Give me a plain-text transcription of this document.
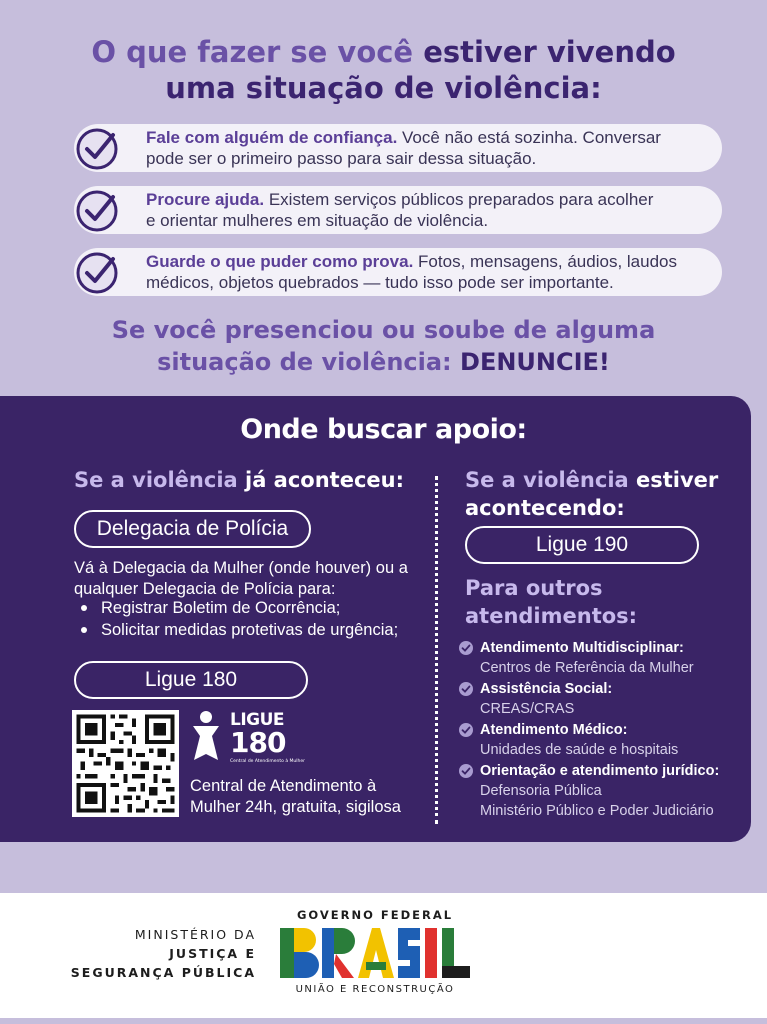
O que fazer se você estiver vivendo
uma situação de violência:
Fale com alguém de confiança. Você não está sozinha. Conversar
pode ser o primeiro passo para sair dessa situação.
Procure ajuda. Existem serviços públicos preparados para acolher
e orientar mulheres em situação de violência.
Guarde o que puder como prova. Fotos, mensagens, áudios, laudos
médicos, objetos quebrados — tudo isso pode ser importante.
Se você presenciou ou soube de alguma
situação de violência: DENUNCIE!
Onde buscar apoio:
Se a violência já aconteceu:
Delegacia de Polícia
Vá à Delegacia da Mulher (onde houver) ou a
qualquer Delegacia de Polícia para:
Registrar Boletim de Ocorrência;
Solicitar medidas protetivas de urgência;
Ligue 180
LIGUE
180
Central de Atendimento à Mulher
Central de Atendimento à
Mulher 24h, gratuita, sigilosa
Se a violência estiver
acontecendo:
Ligue 190
Para outros
atendimentos:
Atendimento Multidisciplinar:
Centros de Referência da Mulher
Assistência Social:
CREAS/CRAS
Atendimento Médico:
Unidades de saúde e hospitais
Orientação e atendimento jurídico:
Defensoria Pública
Ministério Público e Poder Judiciário
MINISTÉRIO DA
JUSTIÇA E
SEGURANÇA PÚBLICA
GOVERNO FEDERAL
UNIÃO E RECONSTRUÇÃO
